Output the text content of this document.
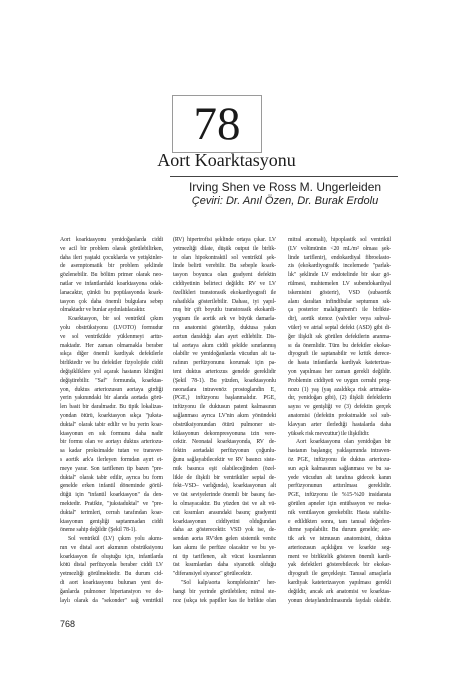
78
Aort Koarktasyonu
Irving Shen ve Ross M. Ungerleiden
Çeviri: Dr. Anıl Özen, Dr. Burak Erdolu
Aort koarktasyonu yenidoğanlarda ciddi
ve acil bir problem olarak görülebilirken,
daha ileri yaştaki çocuklarda ve yetişkinler-
de asemptomatik bir problem şeklinde
gözlenebilir. Bu bölüm primer olarak neo-
natlar ve infantlardaki koarktasyona odak-
lanacaktır, çünkü bu popülasyonda koark-
tasyon çok daha önemli bulgulara sebep
olmaktadır ve bunlar aydınlatılacaktır.
Koarktasyon, bir sol ventrikül çıkım
yolu obstrüksiyonu (LVOTO) formudur
ve sol ventrikülde yüklenmeyi arttır-
maktadır. Her zaman olmamakla beraber
sıkça diğer önemli kardiyak defektlerle
birliktedir ve bu defektler fizyolojide ciddi
değişikliklere yol açarak hastanın kliniğini
değiştirebilir. "Saf" formunda, koarktas-
yon, duktus arteriozusun aortaya girdiği
yerin yakınındaki bir alanda aortada görü-
len basit bir daralmadır. Bu tipik lokalizas-
yondan ötürü, koarktasyon sıkça "juksta-
duktal" olarak tabir edilir ve bu yerin koar-
ktasyonun en sık formunu daha nadir
bir formu olan ve aortayı duktus arteriozu-
sa kadar proksimalde tutan ve transver-
s aortik ark'a ilerleyen formdan ayırt et-
meye yarar. Son tariflenen tip bazen "pre-
duktal" olarak tabir edilir, ayrıca bu form
genelde erken infantil döneminde görül-
düğü için "infantil koarktasyon" da den-
mektedir. Pratikte, "jukstaduktal" ve "pre-
duktal" terimleri, cerrah tarafından koar-
ktasyonun genişliği saptanmadan ciddi
öneme sahip değildir (Şekil 78-1).
Sol ventrikül (LV) çıkım yolu akımı-
nın ve distal aort akımının obstrüksiyonu
koarktasyon ile oluştuğu için, infantlarda
kötü distal perfüzyonla beraber ciddi LV
yetmezliği görülmektedir. Bu durum cid-
di aort koarktasyonu bulunan yeni do-
ğanlarda pulmoner hipertansiyon ve do-
laylı olarak da "sekonder" sağ ventrikül
(RV) hipertrofisi şeklinde ortaya çıkar. LV
yetmezliği dilate, düşük output ile birlik-
te olan hipokontraktil sol ventrikül şek-
linde belirti verebilir. Bu sebeple koark-
tasyon boyunca olan gradyent defektin
ciddiyetinin belirteci değildir. RV ve LV
özellikleri transtorasik ekokardiyografi ile
rahatlıkla gösterilebilir. Dahası, iyi yapıl-
mış bir çift boyutlu transtorasik ekokardi-
yogram ile aortik ark ve büyük damarla-
rın anatomisi gösterilip, duktusa yakın
aortun daraldığı alan ayırt edilebilir. Dis-
tal aortaya akım ciddi şekilde sınırlanmış
olabilir ve yenidoğanlarda vücudun alt ta-
rafının perfüzyonunu korumak için pa-
tent duktus arteriozus genelde gereklidir
(Şekil 78-1). Bu yüzden, koarktasyonlu
neonatlara intravenöz prostoglandin E₁
(PGE₁) infüzyonu başlanmalıdır. PGE₁
infüzyonu ile duktusun patent kalmasının
sağlanması ayrıca LV'nin akım yönündeki
obstrüksiyonundan ötürü pulmoner sir-
külasyonun dekompresyonuna izin vere-
cektir. Neonatal koarktasyonda, RV de-
fektin aortadaki perfüzyonun çoğunlu-
ğunu sağlayabilecektir ve RV basıncı siste-
mik basınca eşit olabileceğinden (özel-
likle de ilişkili bir ventriküler septal de-
fekt–VSD– varlığında), koarktasyonun alt
ve üst seviyelerinde önemli bir basınç far-
kı olmayacaktır. Bu yüzden üst ve alt vü-
cut kısımları arasındaki basınç gradyenti
koarktasyonun ciddiyetini olduğundan
daha az gösterecektir. VSD yok ise, de-
sendan aorta RV'den gelen sistemik venöz
kan akımı ile perfüze olacaktır ve bu ye-
ni tip tariflenen, alt vücut kısımlarının
üst kısımlardan daha siyanotik olduğu
"diferansiyel siyanoz" görülecektir.
"Sol kalp/aorta kompleksinin" her-
hangi bir yerinde görülebilen; mitral ste-
noz (sıkça tek papiller kas ile birlikte olan
mitral anomali), hipoplastik sol ventrikül
(LV volümünün <20 mL/m² olması şek-
linde tariflenir), endokardiyal fibroelasto-
zis (ekokardiyografik incelemede "parlak-
lık" şeklinde LV endotelinde bir skar gö-
rülmesi, muhtemelen LV subendokardiyal
iskemisini gösterir), VSD (subaortik
alanı daraltan infindibular septumun sık-
ça posterior malalignment'ı ile birlikte-
dir), aortik stenoz (valvüler veya subval-
vüler) ve atrial septal defekt (ASD) gibi di-
ğer ilişkili sık görülen defektlerin aranma-
sı da önemlidir. Tüm bu defektler ekokar-
diyografi ile saptanabilir ve kritik derece-
de hasta infantlarda kardiyak kateterizas-
yon yapılması her zaman gerekli değildir.
Problemin ciddiyeti ve uygun cerrahi prog-
nozu (1) yaş (yaş azaldıkça risk artmakta-
dır, yenidoğan gibi), (2) ilişkili defektlerin
sayısı ve genişliği ve (3) defektin gerçek
anatomisi (defektin proksimalde sol sub-
klavyan arter ilerlediği hastalarda daha
yüksek risk mevcuttur) ile ilişkilidir.
Aort koarktasyonu olan yenidoğan bir
hastanın başlangıç yaklaşımında intraven-
öz PGE₁ infüzyonu ile duktus arteriozu-
sun açık kalmasının sağlanması ve bu sa-
yede vücudun alt tarafına gidecek kanın
perfüzyonunun arttırılması gereklidir.
PGE₁ infüzyonu ile %15-%20 insidansta
görülen apneler için entübasyon ve meka-
nik ventilasyon gerekebilir. Hasta stabiliz-
e edildikten sonra, tam tanısal değerlen-
dirme yapılabilir. Bu durum genelde; aor-
tik ark ve istmusun anatomisini, duktus
arteriozusun açıklığını ve koarkte seg-
ment ve birliktelik gösteren önemli kardi-
yak defektleri gösterebilecek bir ekokar-
diyografi ile gerçekleşir. Tanısal amaçlarla
kardiyak kateterizasyon yapılması gerekli
değildir, ancak ark anatomisi ve koarktas-
yonun detaylandırılmasında faydalı olabilir.
768
